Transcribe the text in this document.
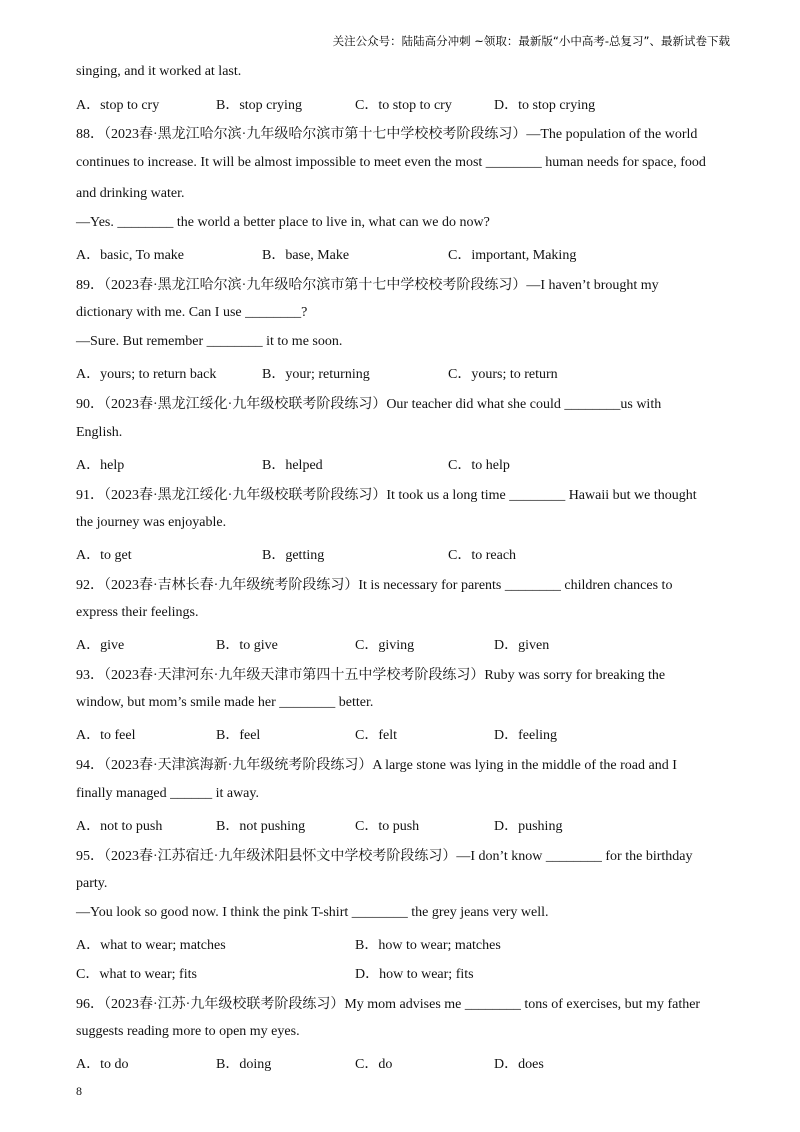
关注公众号：陆陆高分冲刺 ~领取：最新版“小中高考-总复习”、最新试卷下载
singing, and it worked at last.
A．stop to cry	B．stop crying	C．to stop to cry	D．to stop crying
88．（2023春·黑龙江哈尔滨·九年级哈尔滨市第十七中学校校考阶段练习）—The population of the world
continues to increase. It will be almost impossible to meet even the most ________ human needs for space, food
and drinking water.
—Yes. ________ the world a better place to live in, what can we do now?
A．basic, To make	B．base, Make	C．important, Making
89．（2023春·黑龙江哈尔滨·九年级哈尔滨市第十七中学校校考阶段练习）—I haven’t brought my
dictionary with me. Can I use ________?
—Sure. But remember ________ it to me soon.
A．yours; to return back	B．your; returning	C．yours; to return
90．（2023春·黑龙江绥化·九年级校联考阶段练习）Our teacher did what she could ________us with
English.
A．help	B．helped	C．to help
91．（2023春·黑龙江绥化·九年级校联考阶段练习）It took us a long time ________ Hawaii but we thought
the journey was enjoyable.
A．to get	B．getting	C．to reach
92．（2023春·吉林长春·九年级统考阶段练习）It is necessary for parents ________ children chances to
express their feelings.
A．give	B．to give	C．giving	D．given
93．（2023春·天津河东·九年级天津市第四十五中学校考阶段练习）Ruby was sorry for breaking the
window, but mom’s smile made her ________ better.
A．to feel	B．feel	C．felt	D．feeling
94．（2023春·天津滨海新·九年级统考阶段练习）A large stone was lying in the middle of the road and I
finally managed ______ it away.
A．not to push	B．not pushing	C．to push	D．pushing
95．（2023春·江苏宿迁·九年级沭阳县怀文中学校考阶段练习）—I don’t know ________ for the birthday
party.
—You look so good now. I think the pink T-shirt ________ the grey jeans very well.
A．what to wear; matches	B．how to wear; matches
C．what to wear; fits	D．how to wear; fits
96．（2023春·江苏·九年级校联考阶段练习）My mom advises me ________ tons of exercises, but my father
suggests reading more to open my eyes.
A．to do	B．doing	C．do	D．does
8
